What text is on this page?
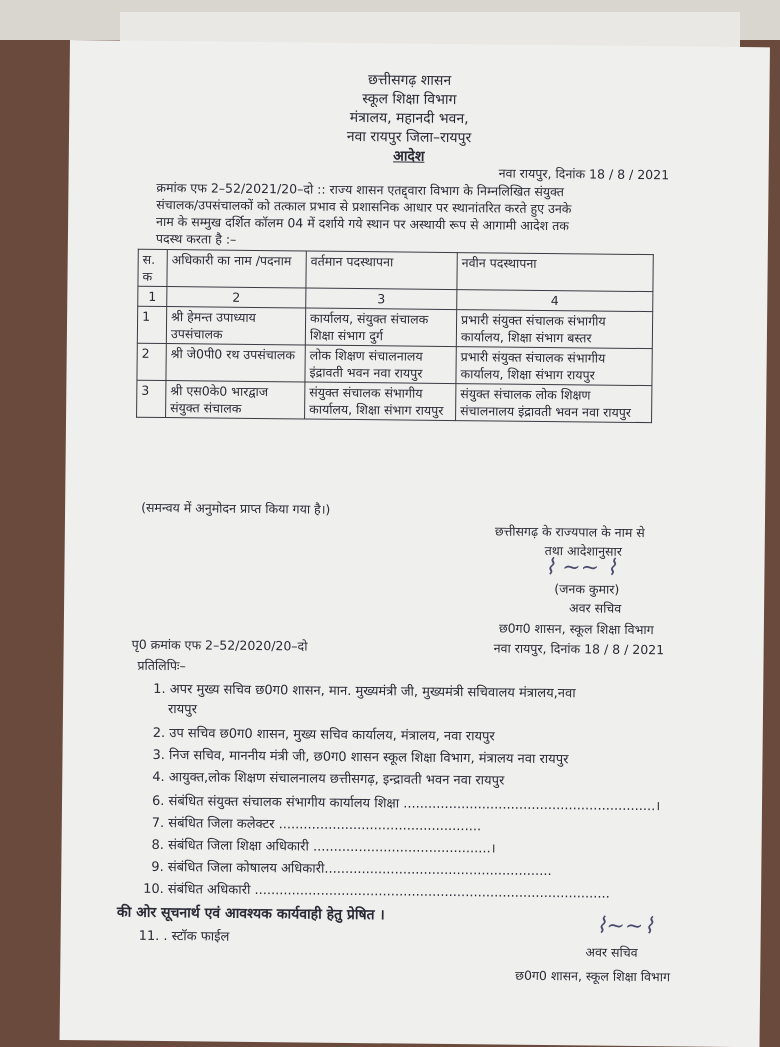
छत्तीसगढ़ शासन
स्कूल शिक्षा विभाग
मंत्रालय, महानदी भवन,
नवा रायपुर जिला–रायपुर
आदेश
नवा रायपुर, दिनांक 18 / 8 / 2021
क्रमांक एफ 2–52/2021/20–दो :: राज्य शासन एतद्द्वारा विभाग के निम्नलिखित संयुक्त
संचालक/उपसंचालकों को तत्काल प्रभाव से प्रशासनिक आधार पर स्थानांतरित करते हुए उनके
नाम के सम्मुख दर्शित कॉलम 04 में दर्शाये गये स्थान पर अस्थायी रूप से आगामी आदेश तक
पदस्थ करता है :–
स. क	अधिकारी का नाम /पदनाम	वर्तमान पदस्थापना	नवीन पदस्थापना
1	2	3	4
1	श्री हेमन्त उपाध्याय उपसंचालक	कार्यालय, संयुक्त संचालक शिक्षा संभाग दुर्ग	प्रभारी संयुक्त संचालक संभागीय कार्यालय, शिक्षा संभाग बस्तर
2	श्री जे0पी0 रथ उपसंचालक	लोक शिक्षण संचालनालय इंद्रावती भवन नवा रायपुर	प्रभारी संयुक्त संचालक संभागीय कार्यालय, शिक्षा संभाग रायपुर
3	श्री एस0के0 भारद्वाज संयुक्त संचालक	संयुक्त संचालक संभागीय कार्यालय, शिक्षा संभाग रायपुर	संयुक्त संचालक लोक शिक्षण संचालनालय इंद्रावती भवन नवा रायपुर
(समन्वय में अनुमोदन प्राप्त किया गया है।)
छत्तीसगढ़ के राज्यपाल के नाम से
तथा आदेशानुसार
⌇ ~~ ⌇
(जनक कुमार)
अवर सचिव
छ0ग0 शासन, स्कूल शिक्षा विभाग
पृ0 क्रमांक एफ 2–52/2020/20–दो	नवा रायपुर, दिनांक 18 / 8 / 2021
प्रतिलिपिः–
1. अपर मुख्य सचिव छ0ग0 शासन, मान. मुख्यमंत्री जी, मुख्यमंत्री सचिवालय मंत्रालय,नवा
रायपुर
2. उप सचिव छ0ग0 शासन, मुख्य सचिव कार्यालय, मंत्रालय, नवा रायपुर
3. निज सचिव, माननीय मंत्री जी, छ0ग0 शासन स्कूल शिक्षा विभाग, मंत्रालय नवा रायपुर
4. आयुक्त,लोक शिक्षण संचालनालय छत्तीसगढ़, इन्द्रावती भवन नवा रायपुर
6. संबंधित संयुक्त संचालक संभागीय कार्यालय शिक्षा .............................................................।
7. संबंधित जिला कलेक्टर .................................................
8. संबंधित जिला शिक्षा अधिकारी ...........................................।
9. संबंधित जिला कोषालय अधिकारी.......................................................
10. संबंधित अधिकारी ......................................................................................
की ओर सूचनार्थ एवं आवश्यक कार्यवाही हेतु प्रेषित ।
11. . स्टॉक फाईल	⌇~~⌇
अवर सचिव
छ0ग0 शासन, स्कूल शिक्षा विभाग
